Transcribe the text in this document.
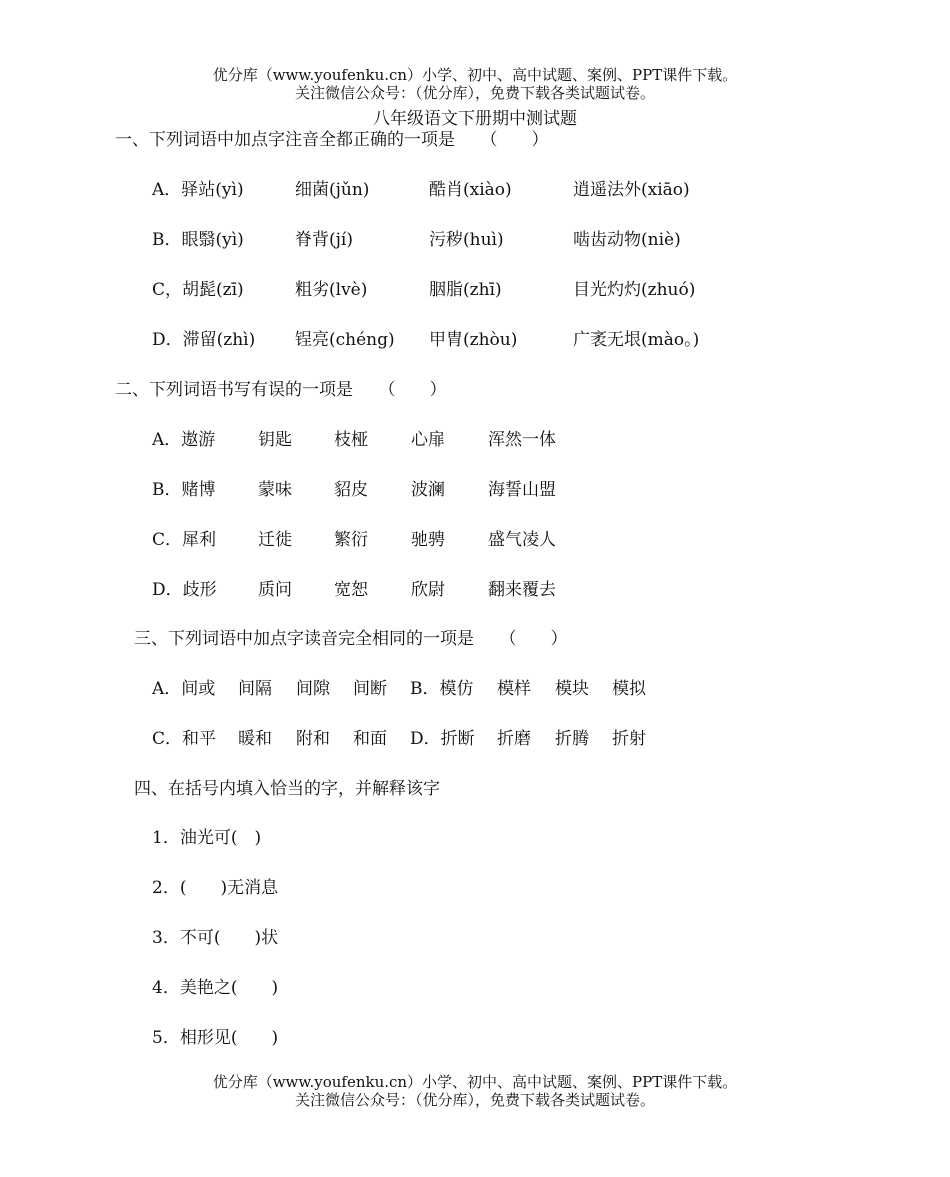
优分库（www.youfenku.cn）小学、初中、高中试题、案例、PPT课件下载。
关注微信公众号：（优分库），免费下载各类试题试卷。
八年级语文下册期中测试题
一、下列词语中加点字注音全都正确的一项是　　（　　）
A．驿站(yì)	细菌(jǔn)	酷肖(xiào)	逍遥法外(xiāo)
B．眼翳(yì)	脊背(jí)	污秽(huì)	啮齿动物(niè)
C，胡髭(zī)	粗劣(lvè)	胭脂(zhī)	目光灼灼(zhuó)
D．滞留(zhì) 锃亮(chéng) 甲胄(zhòu)	广袤无垠(mào。)
二、下列词语书写有误的一项是　　（　　）
A．遨游	钥匙 枝桠	心扉	浑然一体
B．赌博	蒙味 貂皮	波澜	海誓山盟
C．犀利 迁徙 繁衍	驰骋	盛气凌人
D．歧形 质问 宽恕	欣尉	翻来覆去
三、下列词语中加点字读音完全相同的一项是　　（　　）
A．间或 间隔 间隙 间断 B．模仿 模样 模块 模拟
C．和平 暖和 附和 和面 D．折断 折磨 折腾 折射
四、在括号内填入恰当的字，并解释该字
1．油光可(　)
2．(　　)无消息
3．不可(　　)状
4．美艳之(　　)
5．相形见(　　)
优分库（www.youfenku.cn）小学、初中、高中试题、案例、PPT课件下载。
关注微信公众号：（优分库），免费下载各类试题试卷。
